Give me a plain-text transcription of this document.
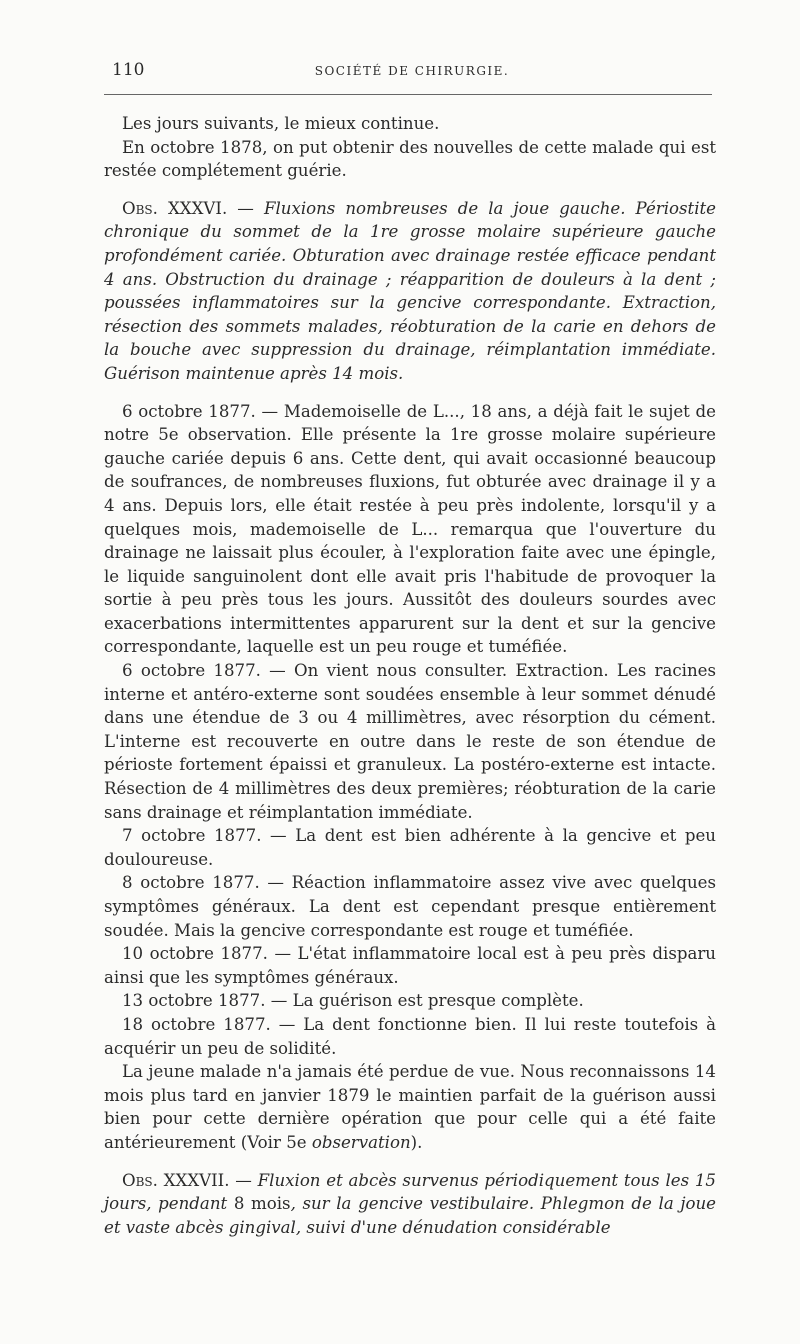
110	SOCIÉTÉ DE CHIRURGIE.

Les jours suivants, le mieux continue.

En octobre 1878, on put obtenir des nouvelles de cette malade qui est restée complétement guérie.

Obs. XXXVI. — Fluxions nombreuses de la joue gauche. Périostite chronique du sommet de la 1re grosse molaire supérieure gauche profondément cariée. Obturation avec drainage restée efficace pendant 4 ans. Obstruction du drainage ; réapparition de douleurs à la dent ; poussées inflammatoires sur la gencive correspondante. Extraction, résection des sommets malades, réobturation de la carie en dehors de la bouche avec suppression du drainage, réimplantation immédiate. Guérison maintenue après 14 mois.

6 octobre 1877. — Mademoiselle de L..., 18 ans, a déjà fait le sujet de notre 5e observation. Elle présente la 1re grosse molaire supérieure gauche cariée depuis 6 ans. Cette dent, qui avait occasionné beaucoup de soufrances, de nombreuses fluxions, fut obturée avec drainage il y a 4 ans. Depuis lors, elle était restée à peu près indolente, lorsqu'il y a quelques mois, mademoiselle de L... remarqua que l'ouverture du drainage ne laissait plus écouler, à l'exploration faite avec une épingle, le liquide sanguinolent dont elle avait pris l'habitude de provoquer la sortie à peu près tous les jours. Aussitôt des douleurs sourdes avec exacerbations intermittentes apparurent sur la dent et sur la gencive correspondante, laquelle est un peu rouge et tuméfiée.

6 octobre 1877. — On vient nous consulter. Extraction. Les racines interne et antéro-externe sont soudées ensemble à leur sommet dénudé dans une étendue de 3 ou 4 millimètres, avec résorption du cément. L'interne est recouverte en outre dans le reste de son étendue de périoste fortement épaissi et granuleux. La postéro-externe est intacte. Résection de 4 millimètres des deux premières; réobturation de la carie sans drainage et réimplantation immédiate.

7 octobre 1877. — La dent est bien adhérente à la gencive et peu douloureuse.

8 octobre 1877. — Réaction inflammatoire assez vive avec quelques symptômes généraux. La dent est cependant presque entièrement soudée. Mais la gencive correspondante est rouge et tuméfiée.

10 octobre 1877. — L'état inflammatoire local est à peu près disparu ainsi que les symptômes généraux.

13 octobre 1877. — La guérison est presque complète.

18 octobre 1877. — La dent fonctionne bien. Il lui reste toutefois à acquérir un peu de solidité.

La jeune malade n'a jamais été perdue de vue. Nous reconnaissons 14 mois plus tard en janvier 1879 le maintien parfait de la guérison aussi bien pour cette dernière opération que pour celle qui a été faite antérieurement (Voir 5e observation).

Obs. XXXVII. — Fluxion et abcès survenus périodiquement tous les 15 jours, pendant 8 mois, sur la gencive vestibulaire. Phlegmon de la joue et vaste abcès gingival, suivi d'une dénudation considérable
